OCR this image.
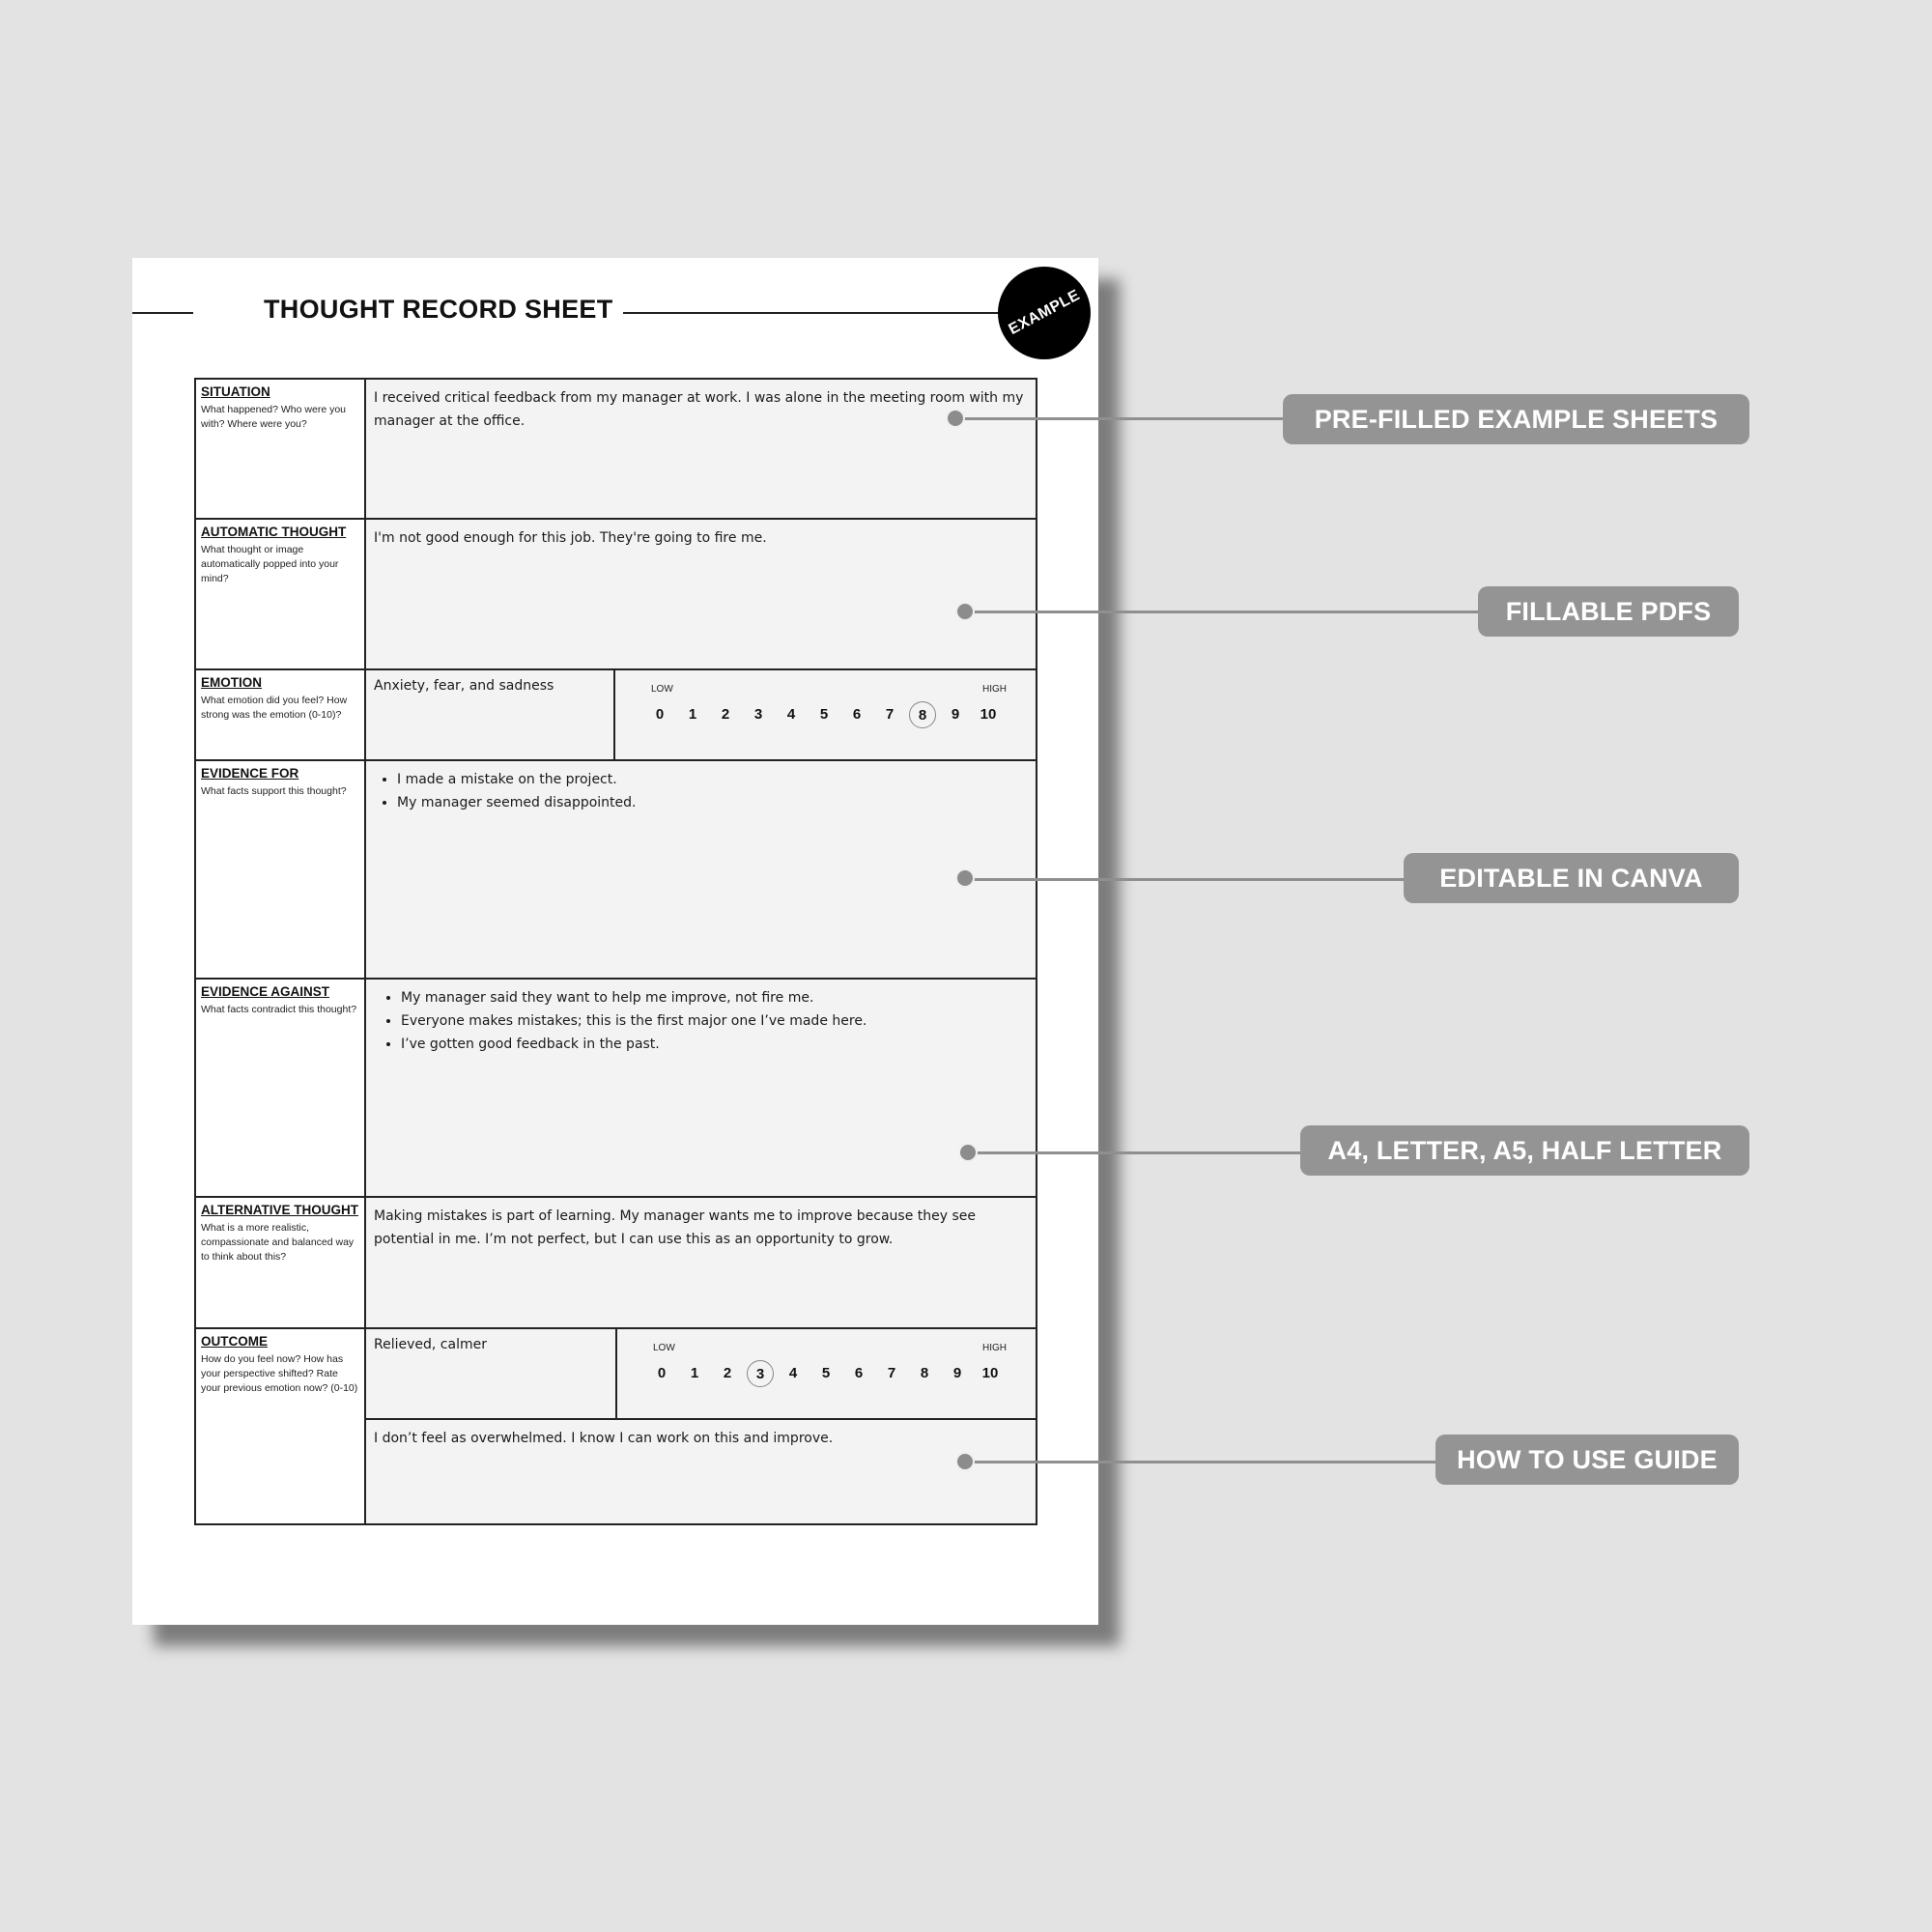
THOUGHT RECORD SHEET	EXAMPLE
SITUATION
What happened? Who were you with? Where were you?
I received critical feedback from my manager at work. I was alone in the meeting room with my manager at the office.
AUTOMATIC THOUGHT
What thought or image automatically popped into your mind?
I'm not good enough for this job. They're going to fire me.
EMOTION
What emotion did you feel? How strong was the emotion (0-10)?
Anxiety, fear, and sadness	LOW	HIGH
0	1	2	3	4	5	6	7	8	9	10
EVIDENCE FOR
What facts support this thought?
• I made a mistake on the project.
• My manager seemed disappointed.
EVIDENCE AGAINST
What facts contradict this thought?
• My manager said they want to help me improve, not fire me.
• Everyone makes mistakes; this is the first major one I’ve made here.
• I’ve gotten good feedback in the past.
ALTERNATIVE THOUGHT
What is a more realistic, compassionate and balanced way to think about this?
Making mistakes is part of learning. My manager wants me to improve because they see potential in me. I’m not perfect, but I can use this as an opportunity to grow.
OUTCOME
How do you feel now? How has your perspective shifted? Rate your previous emotion now? (0-10)
Relieved, calmer	LOW	HIGH
0	1	2	3	4	5	6	7	8	9	10
I don’t feel as overwhelmed. I know I can work on this and improve.
PRE-FILLED EXAMPLE SHEETS
FILLABLE PDFS
EDITABLE IN CANVA
A4, LETTER, A5, HALF LETTER
HOW TO USE GUIDE
